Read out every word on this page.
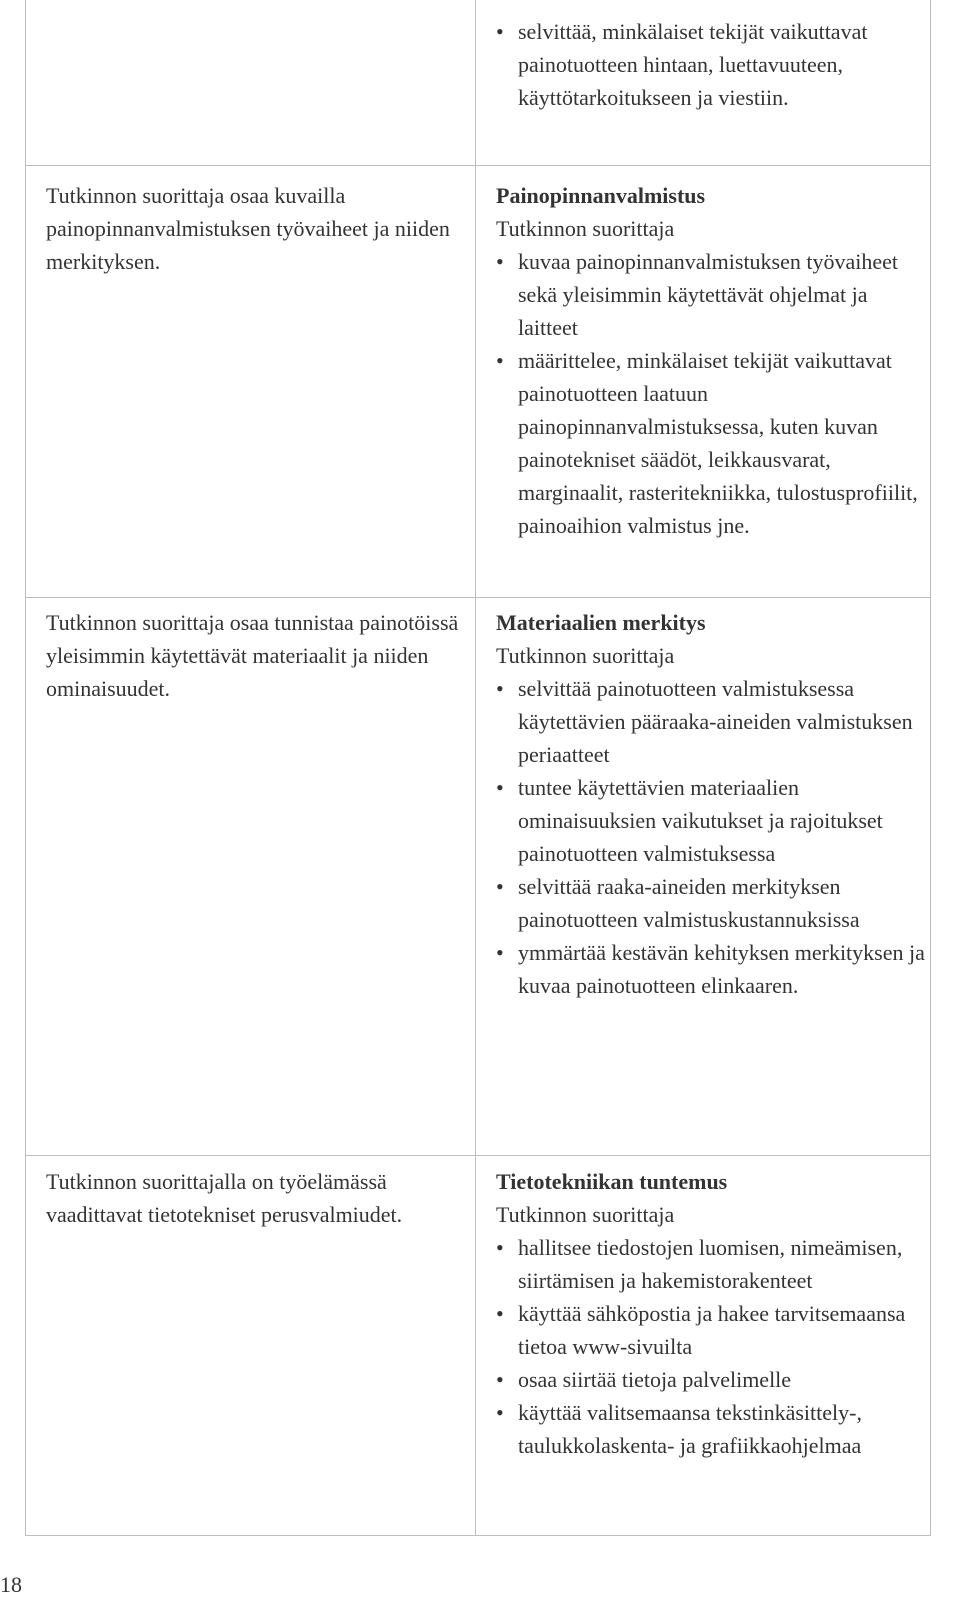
• selvittää, minkälaiset tekijät vaikuttavat painotuotteen hintaan, luettavuuteen, käyttötarkoitukseen ja viestiin.
Tutkinnon suorittaja osaa kuvailla painopinnanvalmistuksen työvaiheet ja niiden merkityksen.
Painopinnanvalmistus
Tutkinnon suorittaja
• kuvaa painopinnanvalmistuksen työvaiheet sekä yleisimmin käytettävät ohjelmat ja laitteet
• määrittelee, minkälaiset tekijät vaikuttavat painotuotteen laatuun painopinnanvalmistuksessa, kuten kuvan painotekniset säädöt, leikkausvarat, marginaalit, rasteritekniikka, tulostusprofiilit, painoaihion valmistus jne.
Tutkinnon suorittaja osaa tunnistaa painotöissä yleisimmin käytettävät materiaalit ja niiden ominaisuudet.
Materiaalien merkitys
Tutkinnon suorittaja
• selvittää painotuotteen valmistuksessa käytettävien pääraaka-aineiden valmistuksen periaatteet
• tuntee käytettävien materiaalien ominaisuuksien vaikutukset ja rajoitukset painotuotteen valmistuksessa
• selvittää raaka-aineiden merkityksen painotuotteen valmistuskustannuksissa
• ymmärtää kestävän kehityksen merkityksen ja kuvaa painotuotteen elinkaaren.
Tutkinnon suorittajalla on työelämässä vaadittavat tietotekniset perusvalmiudet.
Tietotekniikan tuntemus
Tutkinnon suorittaja
• hallitsee tiedostojen luomisen, nimeämisen, siirtämisen ja hakemistorakenteet
• käyttää sähköpostia ja hakee tarvitsemaansa tietoa www-sivuilta
• osaa siirtää tietoja palvelimelle
• käyttää valitsemaansa tekstinkäsittely-, taulukkolaskenta- ja grafiikkaohjelmaa
18
